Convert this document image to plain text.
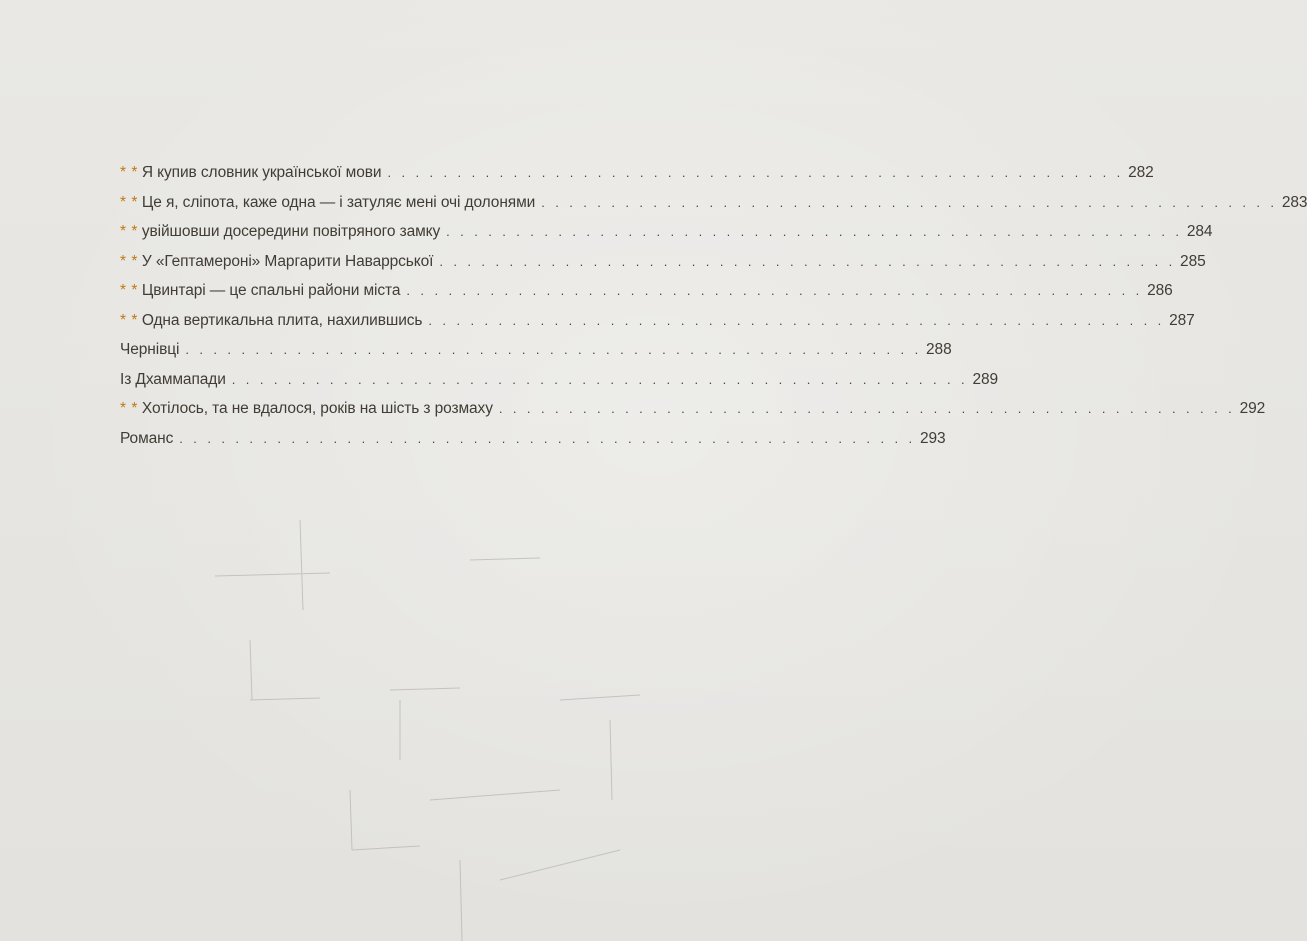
* * Я купив словник української мови . . . . . . . . . . . . . . . . . . . . . . . . . . . . . . . . . . . . . . . . . . . . . . . . . . . . . 282
* * Це я, сліпота, каже одна — і затуляє мені очі долонями . . . . . . . . . . . . . . . . . . . . . . . . . . . . . . . . . . . . . . . . . . . . . . . . . . . . . 283
* * увійшовши досередини повітряного замку . . . . . . . . . . . . . . . . . . . . . . . . . . . . . . . . . . . . . . . . . . . . . . . . . . . . . 284
* * У «Гептамероні» Маргарити Наваррської . . . . . . . . . . . . . . . . . . . . . . . . . . . . . . . . . . . . . . . . . . . . . . . . . . . . . 285
* * Цвинтарі — це спальні райони міста . . . . . . . . . . . . . . . . . . . . . . . . . . . . . . . . . . . . . . . . . . . . . . . . . . . . . 286
* * Одна вертикальна плита, нахилившись . . . . . . . . . . . . . . . . . . . . . . . . . . . . . . . . . . . . . . . . . . . . . . . . . . . . . 287
Чернівці . . . . . . . . . . . . . . . . . . . . . . . . . . . . . . . . . . . . . . . . . . . . . . . . . . . . . 288
Із Дхаммапади . . . . . . . . . . . . . . . . . . . . . . . . . . . . . . . . . . . . . . . . . . . . . . . . . . . . . 289
* * Хотілось, та не вдалося, років на шість з розмаху . . . . . . . . . . . . . . . . . . . . . . . . . . . . . . . . . . . . . . . . . . . . . . . . . . . . . 292
Романс . . . . . . . . . . . . . . . . . . . . . . . . . . . . . . . . . . . . . . . . . . . . . . . . . . . . . 293
